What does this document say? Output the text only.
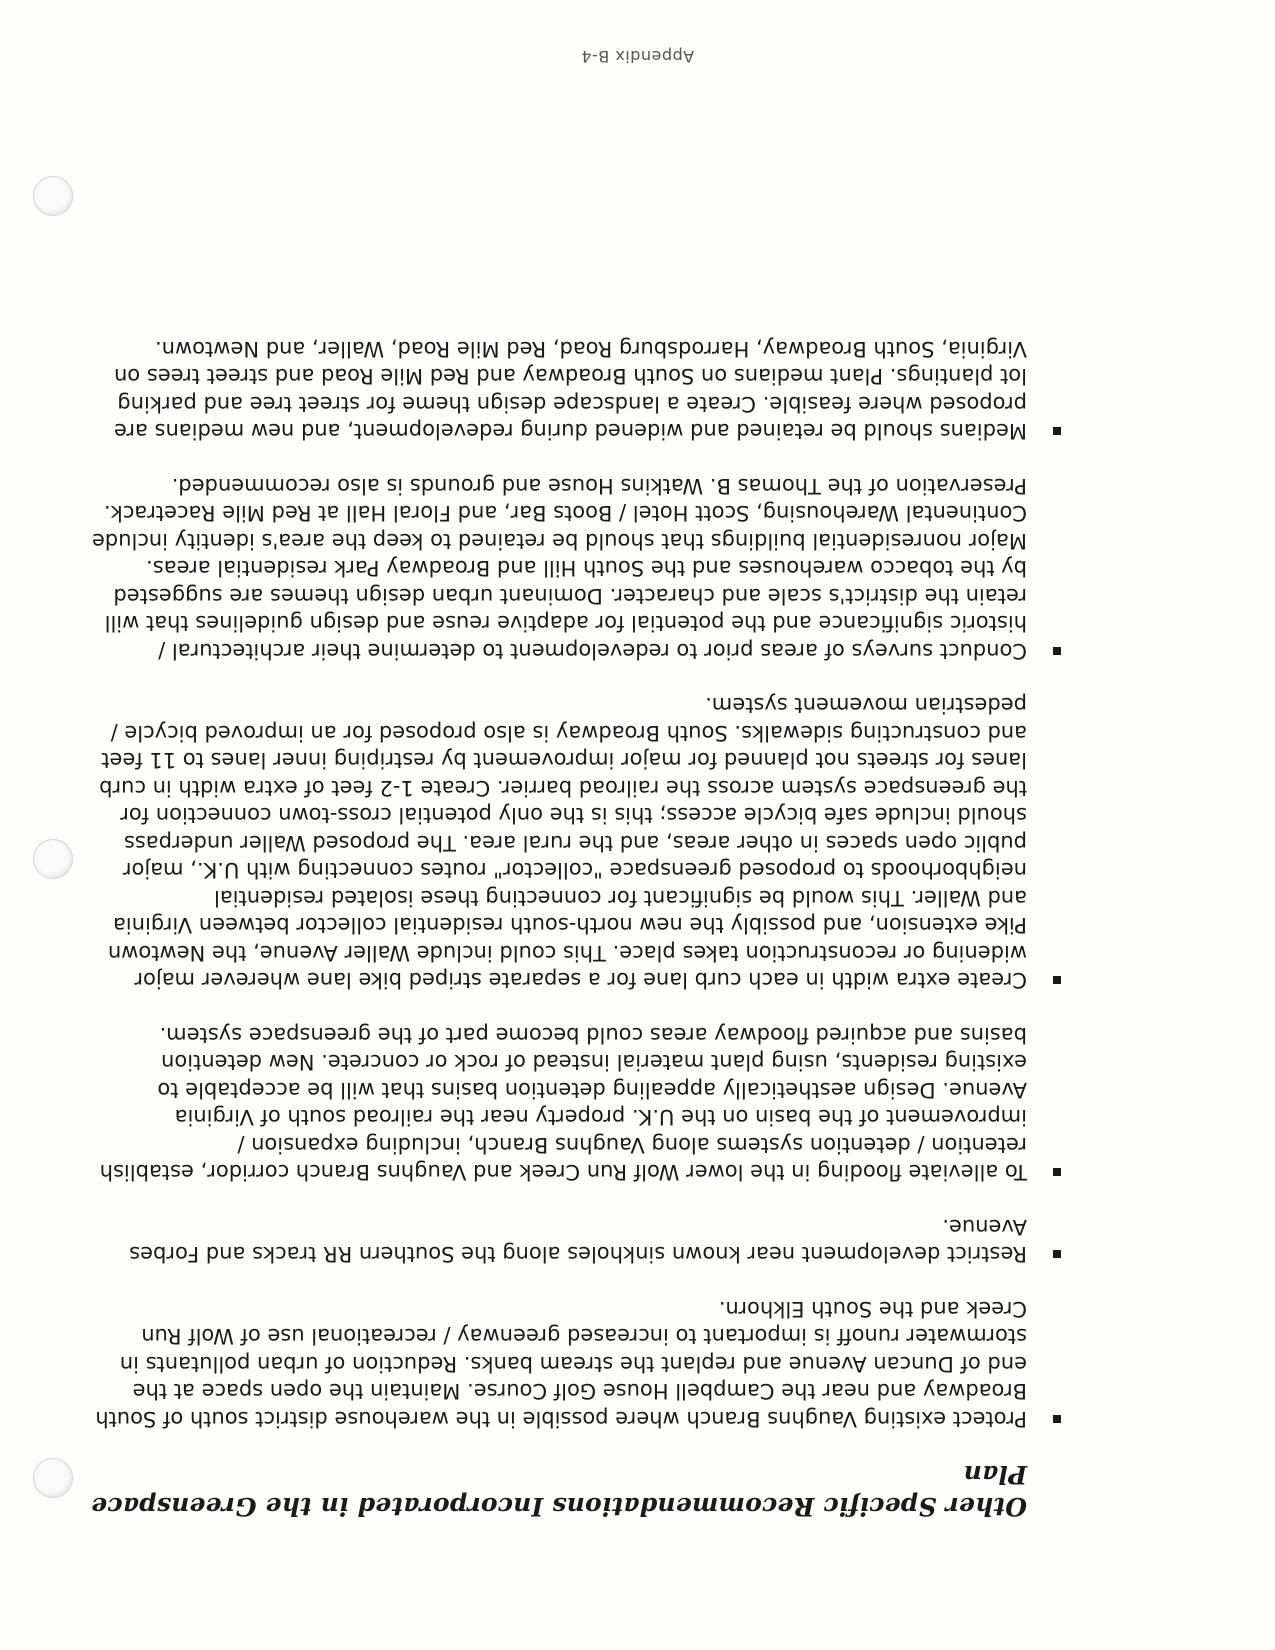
Other Specific Recommendations Incorporated in the Greenspace Plan
Protect existing Vaughns Branch where possible in the warehouse district south of South Broadway and near the Campbell House Golf Course. Maintain the open space at the end of Duncan Avenue and replant the stream banks. Reduction of urban pollutants in stormwater runoff is important to increased greenway / recreational use of Wolf Run Creek and the South Elkhorn.
Restrict development near known sinkholes along the Southern RR tracks and Forbes Avenue.
To alleviate flooding in the lower Wolf Run Creek and Vaughns Branch corridor, establish retention / detention systems along Vaughns Branch, including expansion / improvement of the basin on the U.K. property near the railroad south of Virginia Avenue. Design aesthetically appealing detention basins that will be acceptable to existing residents, using plant material instead of rock or concrete. New detention basins and acquired floodway areas could become part of the greenspace system.
Create extra width in each curb lane for a separate striped bike lane wherever major widening or reconstruction takes place. This could include Waller Avenue, the Newtown Pike extension, and possibly the new north-south residential collector between Virginia and Waller. This would be significant for connecting these isolated residential neighborhoods to proposed greenspace "collector" routes connecting with U.K., major public open spaces in other areas, and the rural area. The proposed Waller underpass should include safe bicycle access; this is the only potential cross-town connection for the greenspace system across the railroad barrier. Create 1-2 feet of extra width in curb lanes for streets not planned for major improvement by restriping inner lanes to 11 feet and constructing sidewalks. South Broadway is also proposed for an improved bicycle / pedestrian movement system.
Conduct surveys of areas prior to redevelopment to determine their architectural / historic significance and the potential for adaptive reuse and design guidelines that will retain the district's scale and character. Dominant urban design themes are suggested by the tobacco warehouses and the South Hill and Broadway Park residential areas. Major nonresidential buildings that should be retained to keep the area's identity include Continental Warehousing, Scott Hotel / Boots Bar, and Floral Hall at Red Mile Racetrack. Preservation of the Thomas B. Watkins House and grounds is also recommended.
Medians should be retained and widened during redevelopment, and new medians are proposed where feasible. Create a landscape design theme for street tree and parking lot plantings. Plant medians on South Broadway and Red Mile Road and street trees on Virginia, South Broadway, Harrodsburg Road, Red Mile Road, Waller, and Newtown.
Appendix B-4
